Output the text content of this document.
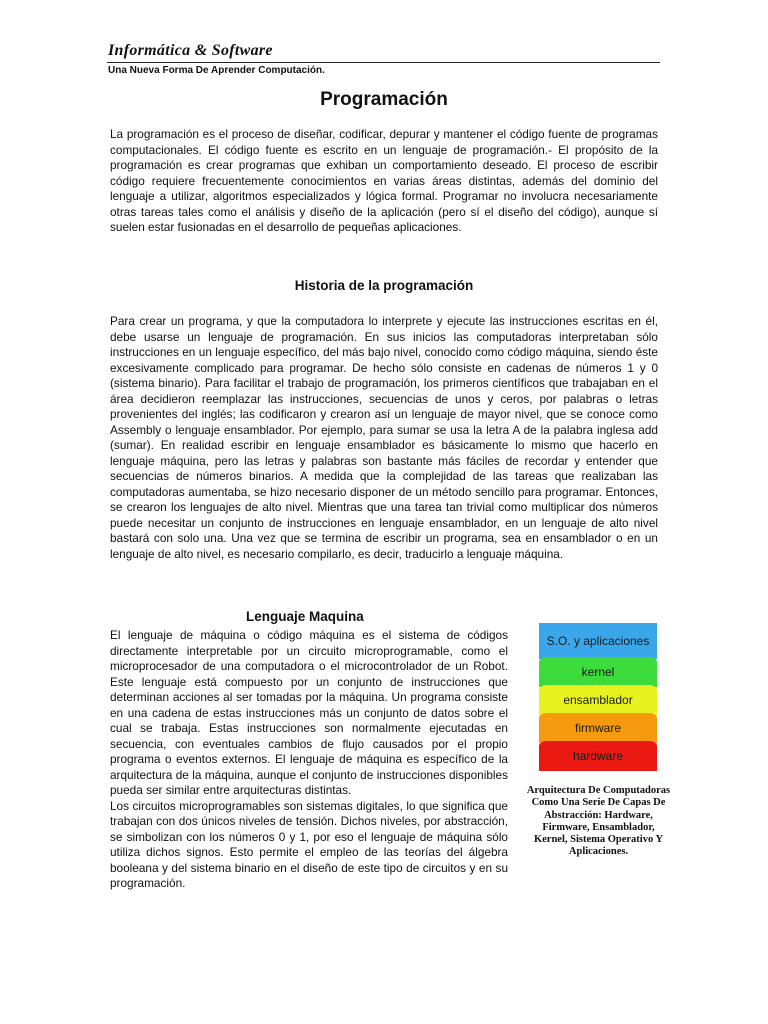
Informática & Software
Una Nueva Forma De Aprender Computación.
Programación

La programación es el proceso de diseñar, codificar, depurar y mantener el código fuente de programas computacionales. El código fuente es escrito en un lenguaje de programación.- El propósito de la programación es crear programas que exhiban un comportamiento deseado. El proceso de escribir código requiere frecuentemente conocimientos en varias áreas distintas, además del dominio del lenguaje a utilizar, algoritmos especializados y lógica formal. Programar no involucra necesariamente otras tareas tales como el análisis y diseño de la aplicación (pero sí el diseño del código), aunque sí suelen estar fusionadas en el desarrollo de pequeñas aplicaciones.

Historia de la programación

Para crear un programa, y que la computadora lo interprete y ejecute las instrucciones escritas en él, debe usarse un lenguaje de programación. En sus inicios las computadoras interpretaban sólo instrucciones en un lenguaje específico, del más bajo nivel, conocido como código máquina, siendo éste excesivamente complicado para programar. De hecho sólo consiste en cadenas de números 1 y 0 (sistema binario). Para facilitar el trabajo de programación, los primeros científicos que trabajaban en el área decidieron reemplazar las instrucciones, secuencias de unos y ceros, por palabras o letras provenientes del inglés; las codificaron y crearon así un lenguaje de mayor nivel, que se conoce como Assembly o lenguaje ensamblador. Por ejemplo, para sumar se usa la letra A de la palabra inglesa add (sumar). En realidad escribir en lenguaje ensamblador es básicamente lo mismo que hacerlo en lenguaje máquina, pero las letras y palabras son bastante más fáciles de recordar y entender que secuencias de números binarios. A medida que la complejidad de las tareas que realizaban las computadoras aumentaba, se hizo necesario disponer de un método sencillo para programar. Entonces, se crearon los lenguajes de alto nivel. Mientras que una tarea tan trivial como multiplicar dos números puede necesitar un conjunto de instrucciones en lenguaje ensamblador, en un lenguaje de alto nivel bastará con solo una. Una vez que se termina de escribir un programa, sea en ensamblador o en un lenguaje de alto nivel, es necesario compilarlo, es decir, traducirlo a lenguaje máquina.

Lenguaje Maquina

El lenguaje de máquina o código máquina es el sistema de códigos directamente interpretable por un circuito microprogramable, como el microprocesador de una computadora o el microcontrolador de un Robot. Este lenguaje está compuesto por un conjunto de instrucciones que determinan acciones al ser tomadas por la máquina. Un programa consiste en una cadena de estas instrucciones más un conjunto de datos sobre el cual se trabaja. Estas instrucciones son normalmente ejecutadas en secuencia, con eventuales cambios de flujo causados por el propio programa o eventos externos. El lenguaje de máquina es específico de la arquitectura de la máquina, aunque el conjunto de instrucciones disponibles pueda ser similar entre arquitecturas distintas.

Los circuitos microprogramables son sistemas digitales, lo que significa que trabajan con dos únicos niveles de tensión. Dichos niveles, por abstracción, se simbolizan con los números 0 y 1, por eso el lenguaje de máquina sólo utiliza dichos signos. Esto permite el empleo de las teorías del álgebra booleana y del sistema binario en el diseño de este tipo de circuitos y en su programación.

S.O. y aplicaciones
kernel
ensamblador
firmware
hardware
Arquitectura De Computadoras Como Una Serie De Capas De Abstracción: Hardware, Firmware, Ensamblador, Kernel, Sistema Operativo Y Aplicaciones.
